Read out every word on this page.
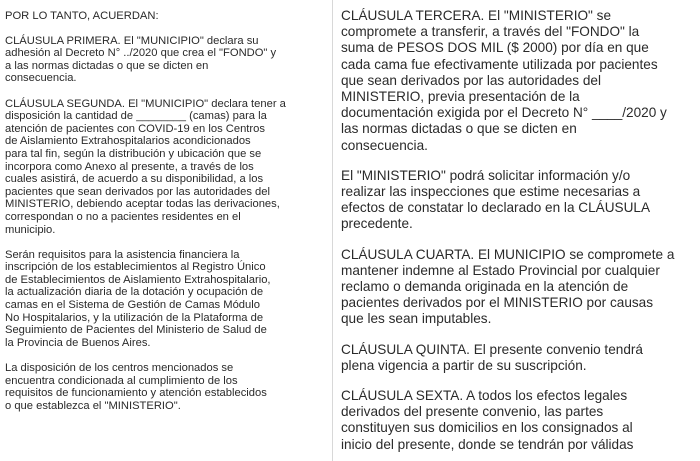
POR LO TANTO, ACUERDAN:

CLÁUSULA PRIMERA. El "MUNICIPIO" declara su
adhesión al Decreto N° ../2020 que crea el "FONDO" y
a las normas dictadas o que se dicten en
consecuencia.

CLÁUSULA SEGUNDA. El "MUNICIPIO" declara tener a
disposición la cantidad de ________ (camas) para la
atención de pacientes con COVID-19 en los Centros
de Aislamiento Extrahospitalarios acondicionados
para tal fin, según la distribución y ubicación que se
incorpora como Anexo al presente, a través de los
cuales asistirá, de acuerdo a su disponibilidad, a los
pacientes que sean derivados por las autoridades del
MINISTERIO, debiendo aceptar todas las derivaciones,
correspondan o no a pacientes residentes en el
municipio.

Serán requisitos para la asistencia financiera la
inscripción de los establecimientos al Registro Único
de Establecimientos de Aislamiento Extrahospitalario,
la actualización diaria de la dotación y ocupación de
camas en el Sistema de Gestión de Camas Módulo
No Hospitalarios, y la utilización de la Plataforma de
Seguimiento de Pacientes del Ministerio de Salud de
la Provincia de Buenos Aires.

La disposición de los centros mencionados se
encuentra condicionada al cumplimiento de los
requisitos de funcionamiento y atención establecidos
o que establezca el "MINISTERIO".

CLÁUSULA TERCERA. El "MINISTERIO" se
compromete a transferir, a través del "FONDO" la
suma de PESOS DOS MIL ($ 2000) por día en que
cada cama fue efectivamente utilizada por pacientes
que sean derivados por las autoridades del
MINISTERIO, previa presentación de la
documentación exigida por el Decreto N° ____/2020 y
las normas dictadas o que se dicten en
consecuencia.

El "MINISTERIO" podrá solicitar información y/o
realizar las inspecciones que estime necesarias a
efectos de constatar lo declarado en la CLÁUSULA
precedente.

CLÁUSULA CUARTA. El MUNICIPIO se compromete a
mantener indemne al Estado Provincial por cualquier
reclamo o demanda originada en la atención de
pacientes derivados por el MINISTERIO por causas
que les sean imputables.

CLÁUSULA QUINTA. El presente convenio tendrá
plena vigencia a partir de su suscripción.

CLÁUSULA SEXTA. A todos los efectos legales
derivados del presente convenio, las partes
constituyen sus domicilios en los consignados al
inicio del presente, donde se tendrán por válidas
